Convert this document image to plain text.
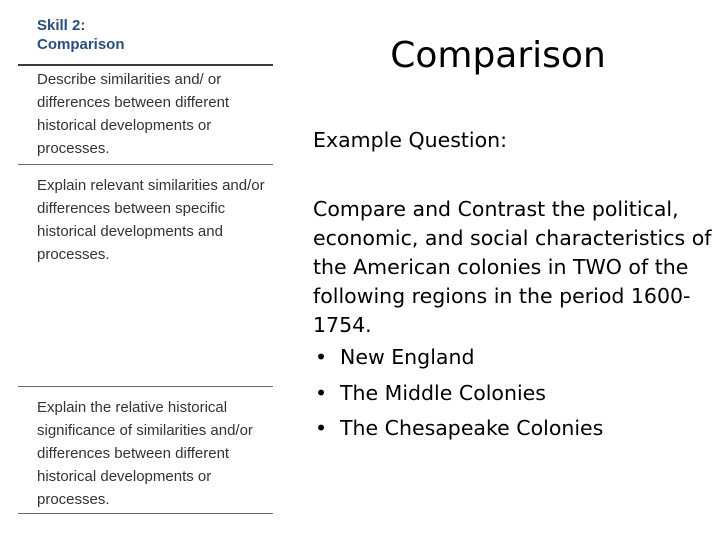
Skill 2:
Comparison
Describe similarities and/ or differences between different historical developments or processes.
Explain relevant similarities and/or differences between specific historical developments and processes.
Explain the relative historical significance of similarities and/or differences between different historical developments or processes.
Comparison

Example Question:

Compare and Contrast the political, economic, and social characteristics of the American colonies in TWO of the following regions in the period 1600-1754.

• New England
• The Middle Colonies
• The Chesapeake Colonies
